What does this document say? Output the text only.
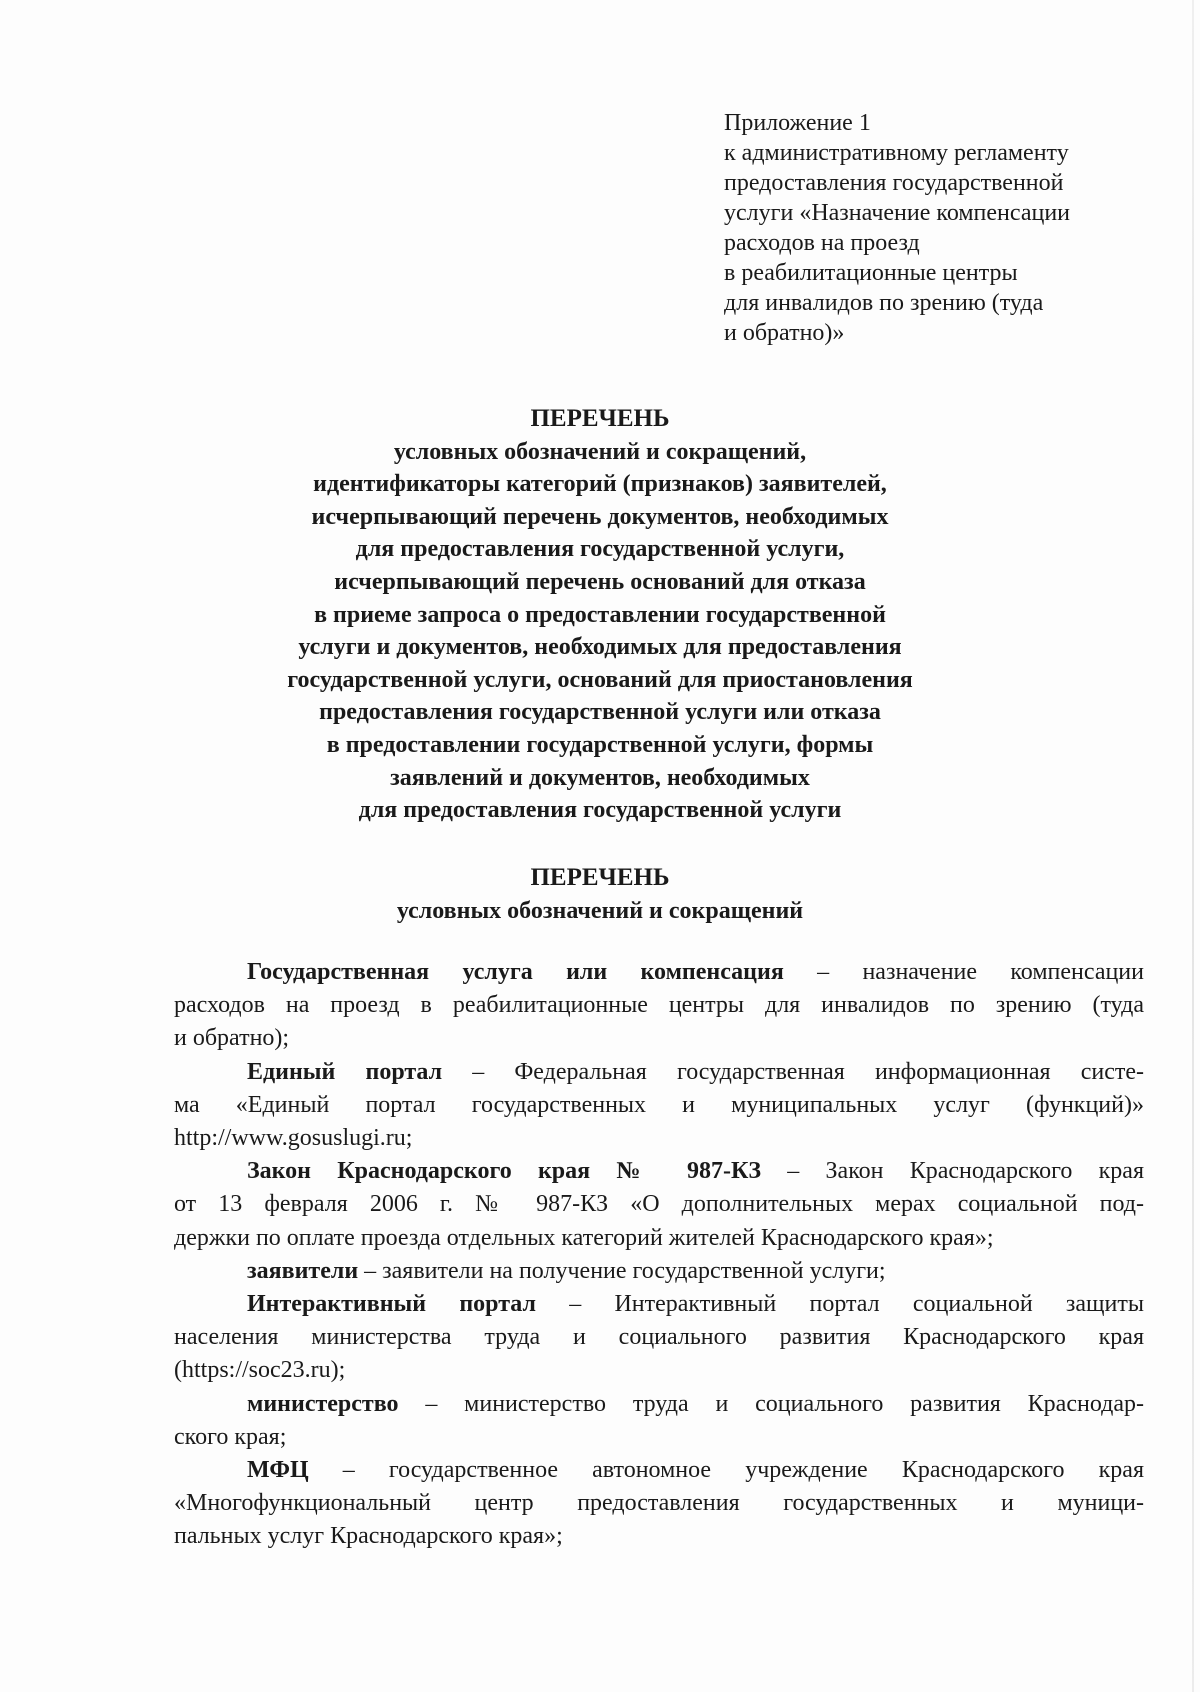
Приложение 1
к административному регламенту
предоставления государственной
услуги «Назначение компенсации
расходов на проезд
в реабилитационные центры
для инвалидов по зрению (туда
и обратно)»
ПЕРЕЧЕНЬ
условных обозначений и сокращений,
идентификаторы категорий (признаков) заявителей,
исчерпывающий перечень документов, необходимых
для предоставления государственной услуги,
исчерпывающий перечень оснований для отказа
в приеме запроса о предоставлении государственной
услуги и документов, необходимых для предоставления
государственной услуги, оснований для приостановления
предоставления государственной услуги или отказа
в предоставлении государственной услуги, формы
заявлений и документов, необходимых
для предоставления государственной услуги
ПЕРЕЧЕНЬ
условных обозначений и сокращений
Государственная услуга или компенсация – назначение компенсации
расходов на проезд в реабилитационные центры для инвалидов по зрению (туда
и обратно);
Единый портал – Федеральная государственная информационная систе-
ма «Единый портал государственных и муниципальных услуг (функций)»
http://www.gosuslugi.ru;
Закон Краснодарского края № 987-КЗ – Закон Краснодарского края
от 13 февраля 2006 г. № 987-КЗ «О дополнительных мерах социальной под-
держки по оплате проезда отдельных категорий жителей Краснодарского края»;
заявители – заявители на получение государственной услуги;
Интерактивный портал – Интерактивный портал социальной защиты
населения министерства труда и социального развития Краснодарского края
(https://soc23.ru);
министерство – министерство труда и социального развития Краснодар-
ского края;
МФЦ – государственное автономное учреждение Краснодарского края
«Многофункциональный центр предоставления государственных и муници-
пальных услуг Краснодарского края»;
